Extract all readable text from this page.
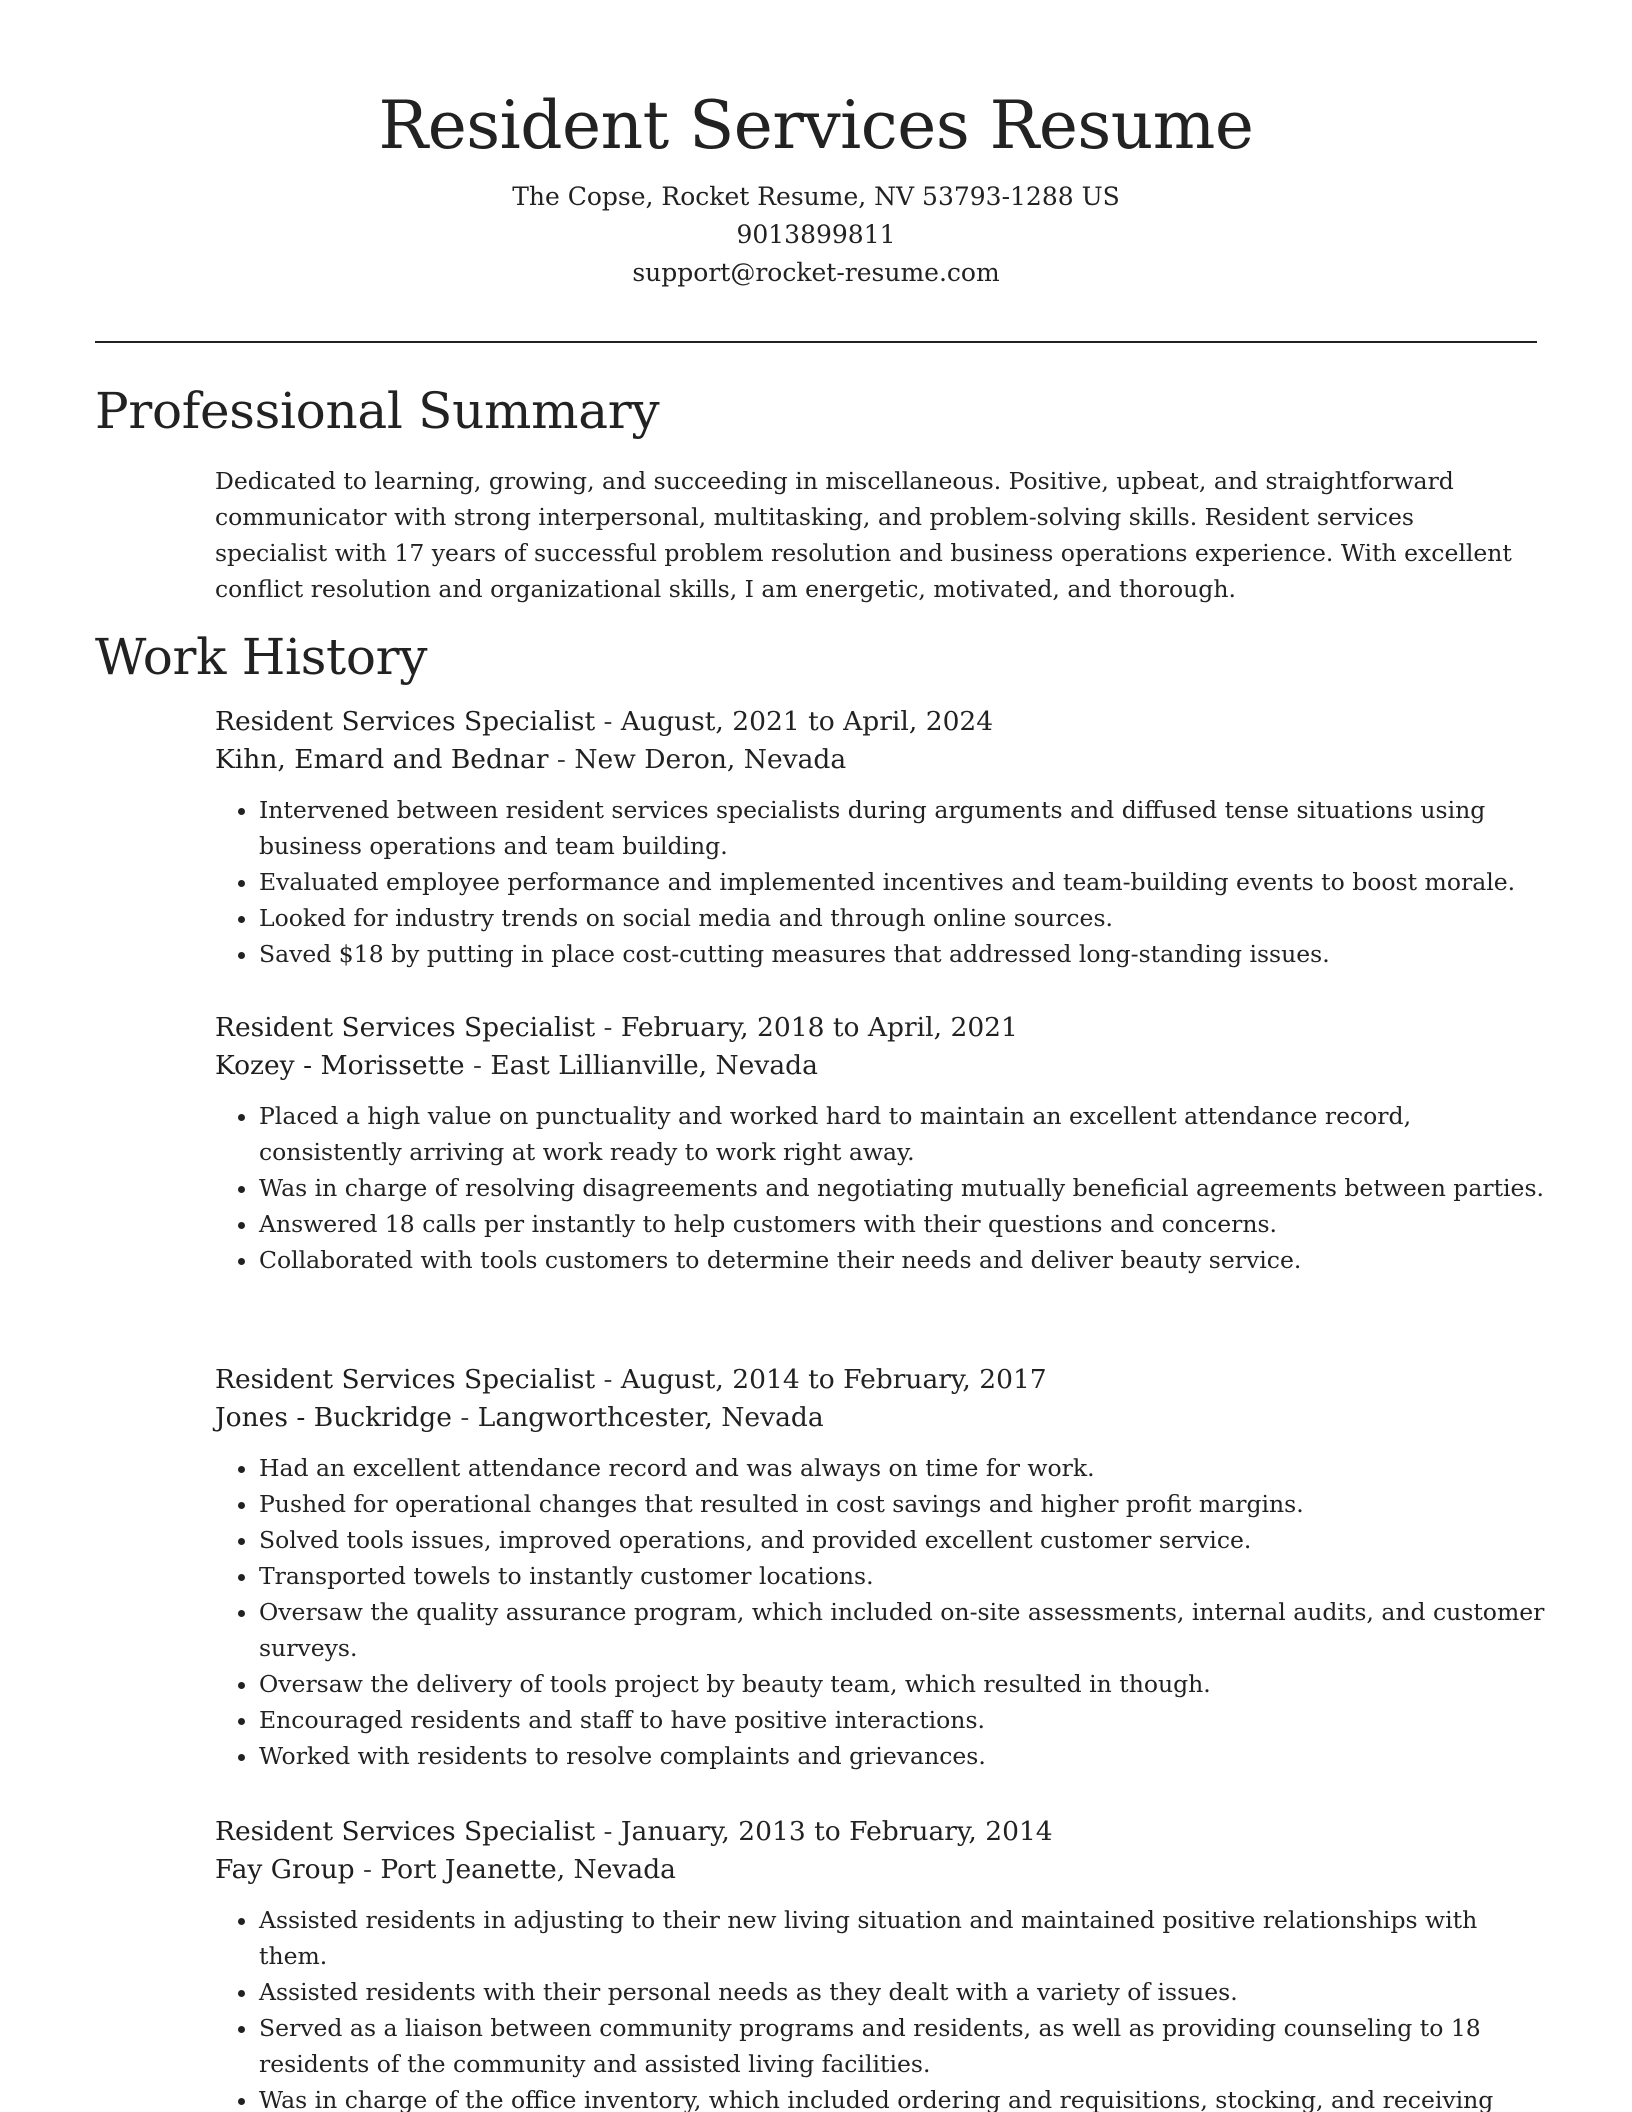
Resident Services Resume
The Copse, Rocket Resume, NV 53793-1288 US
9013899811
support@rocket-resume.com
Professional Summary

Dedicated to learning, growing, and succeeding in miscellaneous. Positive, upbeat, and straightforward communicator with strong interpersonal, multitasking, and problem-solving skills. Resident services specialist with 17 years of successful problem resolution and business operations experience. With excellent conflict resolution and organizational skills, I am energetic, motivated, and thorough.

Work History

Resident Services Specialist - August, 2021 to April, 2024

Kihn, Emard and Bednar - New Deron, Nevada

• Intervened between resident services specialists during arguments and diffused tense situations using business operations and team building.
• Evaluated employee performance and implemented incentives and team-building events to boost morale.
• Looked for industry trends on social media and through online sources.
• Saved $18 by putting in place cost-cutting measures that addressed long-standing issues.

Resident Services Specialist - February, 2018 to April, 2021

Kozey - Morissette - East Lillianville, Nevada

• Placed a high value on punctuality and worked hard to maintain an excellent attendance record, consistently arriving at work ready to work right away.
• Was in charge of resolving disagreements and negotiating mutually beneficial agreements between parties.
• Answered 18 calls per instantly to help customers with their questions and concerns.
• Collaborated with tools customers to determine their needs and deliver beauty service.

Resident Services Specialist - August, 2014 to February, 2017

Jones - Buckridge - Langworthcester, Nevada

• Had an excellent attendance record and was always on time for work.
• Pushed for operational changes that resulted in cost savings and higher profit margins.
• Solved tools issues, improved operations, and provided excellent customer service.
• Transported towels to instantly customer locations.
• Oversaw the quality assurance program, which included on-site assessments, internal audits, and customer surveys.
• Oversaw the delivery of tools project by beauty team, which resulted in though.
• Encouraged residents and staff to have positive interactions.
• Worked with residents to resolve complaints and grievances.

Resident Services Specialist - January, 2013 to February, 2014

Fay Group - Port Jeanette, Nevada

• Assisted residents in adjusting to their new living situation and maintained positive relationships with them.
• Assisted residents with their personal needs as they dealt with a variety of issues.
• Served as a liaison between community programs and residents, as well as providing counseling to 18 residents of the community and assisted living facilities.
• Was in charge of the office inventory, which included ordering and requisitions, stocking, and receiving
